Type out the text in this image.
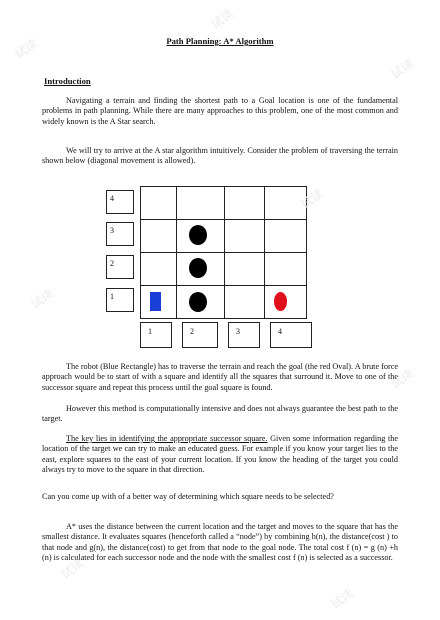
Path Planning: A* Algorithm
Introduction

Navigating a terrain and finding the shortest path to a Goal location is one of the fundamental problems in path planning. While there are many approaches to this problem, one of the most common and widely known is the A Star search.

We will try to arrive at the A star algorithm intuitively. Consider the problem of traversing the terrain shown below (diagonal movement is allowed).

4
3
2
1
1	2	3	4

The robot (Blue Rectangle) has to traverse the terrain and reach the goal (the red Oval). A brute force approach would be to start of with a square and identify all the squares that surround it. Move to one of the successor square and repeat this process until the goal square is found.

However this method is computationally intensive and does not always guarantee the best path to the target.

The key lies in identifying the appropriate successor square. Given some information regarding the location of the target we can try to make an educated guess. For example if you know your target lies to the east, explore squares to the east of your current location. If you know the heading of the target you could always try to move to the square in that direction.

Can you come up with of a better way of determining which square needs to be selected?

A* uses the distance between the current location and the target and moves to the square that has the smallest distance. It evaluates squares (henceforth called a “node”) by combining h(n), the distance(cost ) to that node and g(n), the distance(cost) to get from that node to the goal node. The total cost f (n) = g (n) +h (n) is calculated for each successor node and the node with the smallest cost f (n) is selected as a successor.

试读
试读
试读
试读
试读
试读
试读
试读
